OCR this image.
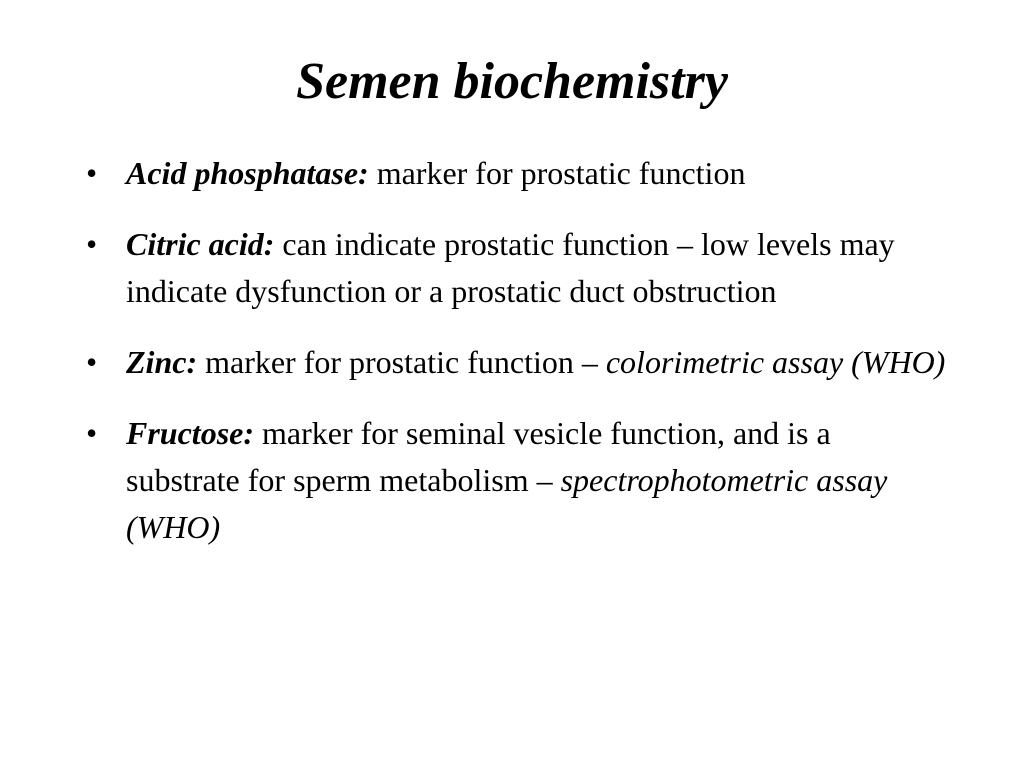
Semen biochemistry
• Acid phosphatase: marker for prostatic function
• Citric acid: can indicate prostatic function – low levels may indicate dysfunction or a prostatic duct obstruction
• Zinc: marker for prostatic function – colorimetric assay (WHO)
• Fructose: marker for seminal vesicle function, and is a substrate for sperm metabolism – spectrophotometric assay (WHO)
